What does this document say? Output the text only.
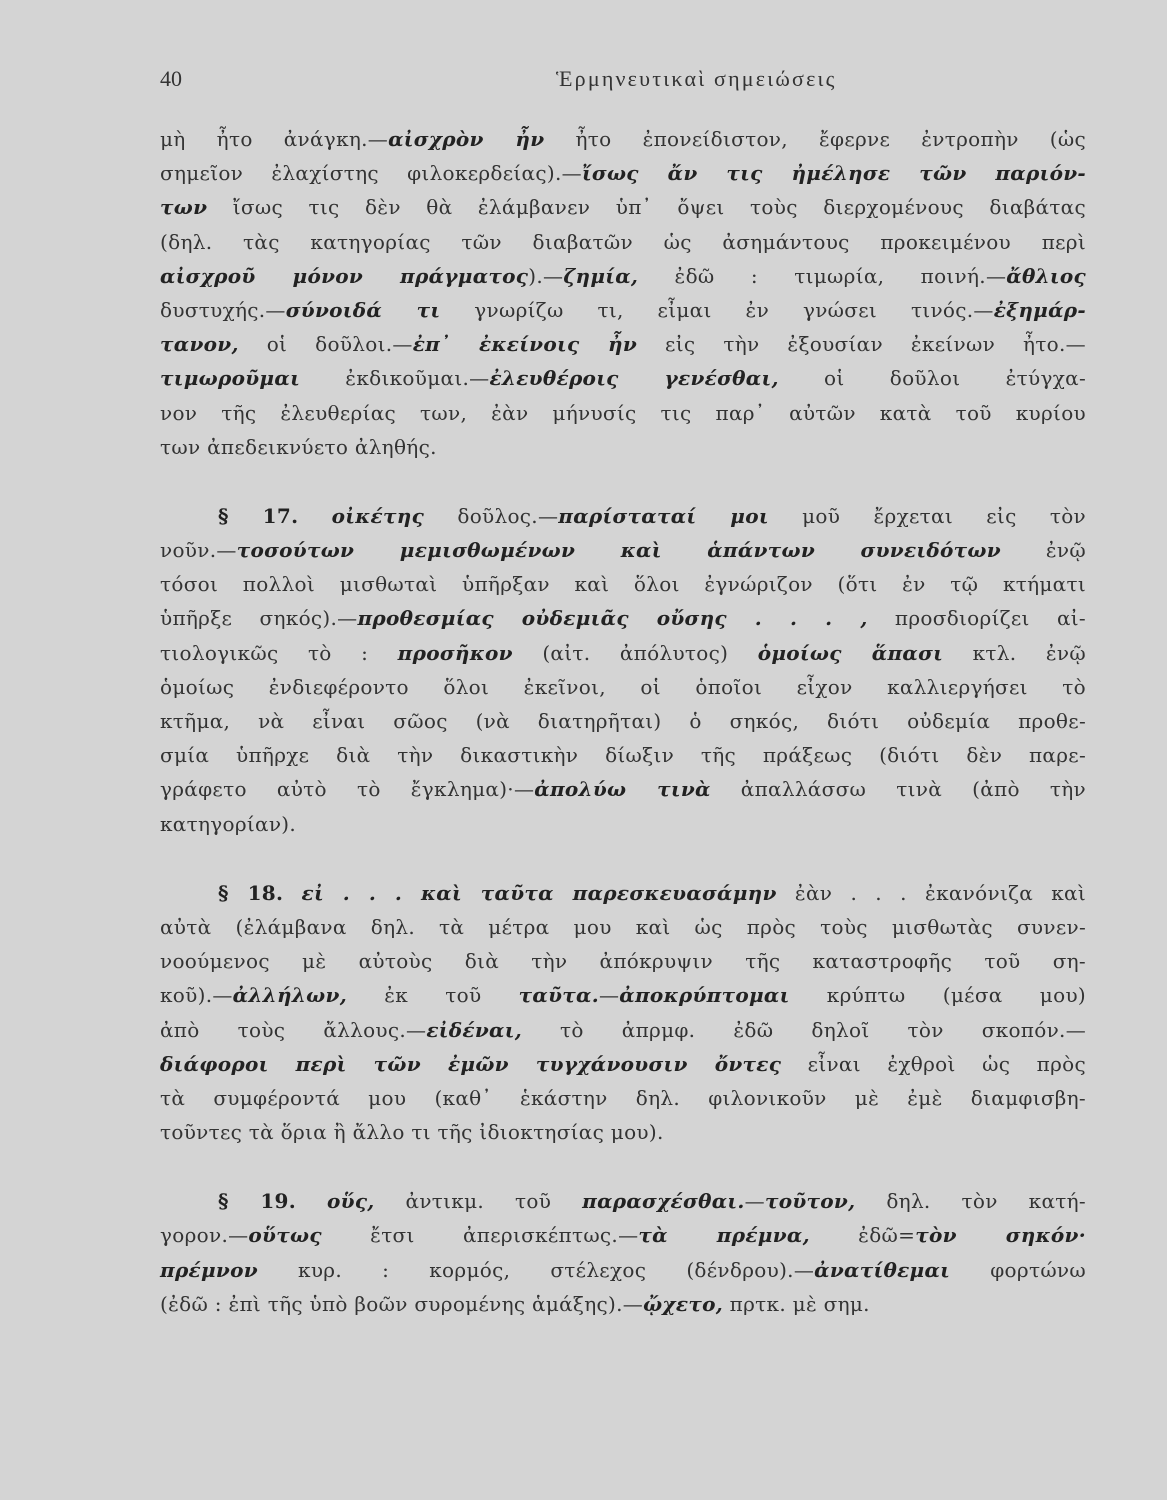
40	Ἑρμηνευτικαὶ σημειώσεις
μὴ ἦτο ἀνάγκη.—αἰσχρὸν ἦν ἦτο ἐπονείδιστον, ἔφερνε ἐντροπὴν (ὡς
σημεῖον ἐλαχίστης φιλοκερδείας).—ἴσως ἄν τις ἠμέλησε τῶν παριόν-
των ἴσως τις δὲν θὰ ἐλάμβανεν ὑπ᾽ ὄψει τοὺς διερχομένους διαβάτας
(δηλ. τὰς κατηγορίας τῶν διαβατῶν ὡς ἀσημάντους προκειμένου περὶ
αἰσχροῦ μόνον πράγματος).—ζημία, ἐδῶ : τιμωρία, ποινή.—ἄθλιος
δυστυχής.—σύνοιδά τι γνωρίζω τι, εἶμαι ἐν γνώσει τινός.—ἐξημάρ-
τανον, οἱ δοῦλοι.—ἐπ᾽ ἐκείνοις ἦν εἰς τὴν ἐξουσίαν ἐκείνων ἦτο.—
τιμωροῦμαι ἐκδικοῦμαι.—ἐλευθέροις γενέσθαι, οἱ δοῦλοι ἐτύγχα-
νον τῆς ἐλευθερίας των, ἐὰν μήνυσίς τις παρ᾽ αὐτῶν κατὰ τοῦ κυρίου
των ἀπεδεικνύετο ἀληθής.
§ 17. οἰκέτης δοῦλος.—παρίσταταί μοι μοῦ ἔρχεται εἰς τὸν
νοῦν.—τοσούτων μεμισθωμένων καὶ ἁπάντων συνειδότων ἐνῷ
τόσοι πολλοὶ μισθωταὶ ὑπῆρξαν καὶ ὅλοι ἐγνώριζον (ὅτι ἐν τῷ κτήματι
ὑπῆρξε σηκός).—προθεσμίας οὐδεμιᾶς οὔσης . . . , προσδιορίζει αἰ-
τιολογικῶς τὸ : προσῆκον (αἰτ. ἀπόλυτος) ὁμοίως ἅπασι κτλ. ἐνῷ
ὁμοίως ἐνδιεφέροντο ὅλοι ἐκεῖνοι, οἱ ὁποῖοι εἶχον καλλιεργήσει τὸ
κτῆμα, νὰ εἶναι σῶος (νὰ διατηρῆται) ὁ σηκός, διότι οὐδεμία προθε-
σμία ὑπῆρχε διὰ τὴν δικαστικὴν δίωξιν τῆς πράξεως (διότι δὲν παρε-
γράφετο αὐτὸ τὸ ἔγκλημα)·—ἀπολύω τινὰ ἀπαλλάσσω τινὰ (ἀπὸ τὴν
κατηγορίαν).
§ 18. εἰ . . . καὶ ταῦτα παρεσκευασάμην ἐὰν . . . ἐκανόνιζα καὶ
αὐτὰ (ἐλάμβανα δηλ. τὰ μέτρα μου καὶ ὡς πρὸς τοὺς μισθωτὰς συνεν-
νοούμενος μὲ αὐτοὺς διὰ τὴν ἀπόκρυψιν τῆς καταστροφῆς τοῦ ση-
κοῦ).—ἀλλήλων, ἐκ τοῦ ταῦτα.—ἀποκρύπτομαι κρύπτω (μέσα μου)
ἀπὸ τοὺς ἄλλους.—εἰδέναι, τὸ ἀπρμφ. ἐδῶ δηλοῖ τὸν σκοπόν.—
διάφοροι περὶ τῶν ἐμῶν τυγχάνουσιν ὄντες εἶναι ἐχθροὶ ὡς πρὸς
τὰ συμφέροντά μου (καθ᾽ ἑκάστην δηλ. φιλονικοῦν μὲ ἐμὲ διαμφισβη-
τοῦντες τὰ ὅρια ἢ ἄλλο τι τῆς ἰδιοκτησίας μου).
§ 19. οὕς, ἀντικμ. τοῦ παρασχέσθαι.—τοῦτον, δηλ. τὸν κατή-
γορον.—οὕτως ἔτσι ἀπερισκέπτως.—τὰ πρέμνα, ἐδῶ=τὸν σηκόν·
πρέμνον κυρ. : κορμός, στέλεχος (δένδρου).—ἀνατίθεμαι φορτώνω
(ἐδῶ : ἐπὶ τῆς ὑπὸ βοῶν συρομένης ἁμάξης).—ᾤχετο, πρτκ. μὲ σημ.
